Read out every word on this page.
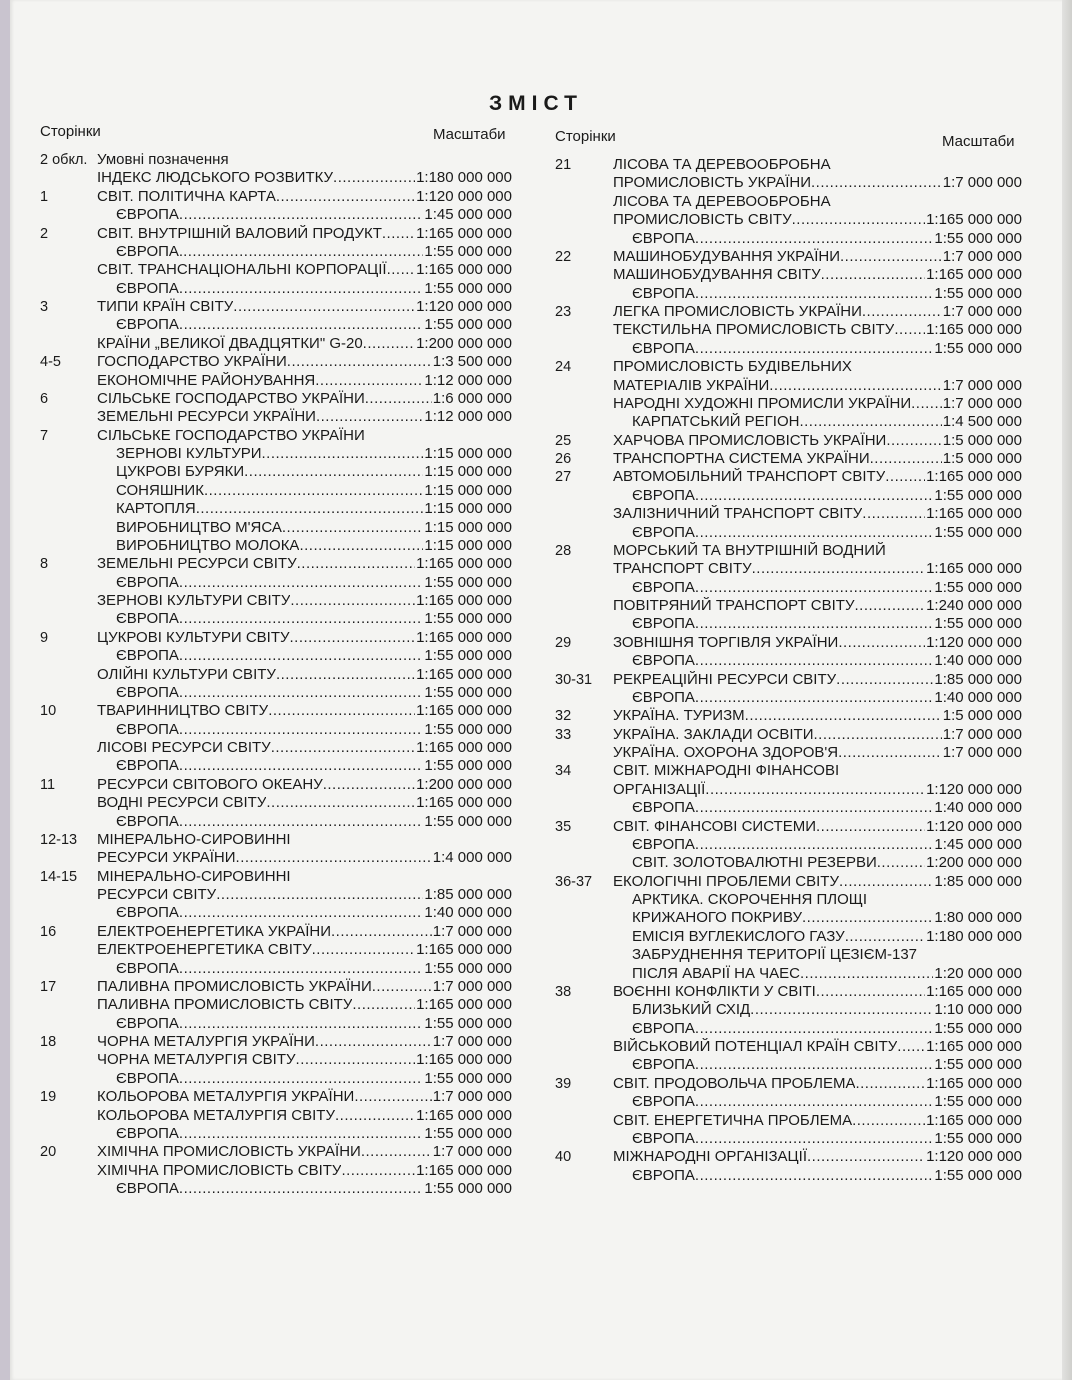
ЗМІСТ
Сторінки	Масштаби	Сторінки	Масштаби
2 обкл. Умовні позначення
ІНДЕКС ЛЮДСЬКОГО РОЗВИТКУ .....	1:180 000 000
1	СВІТ. ПОЛІТИЧНА КАРТА .....	1:120 000 000
ЄВРОПА .....	1:45 000 000
2	СВІТ. ВНУТРІШНІЙ ВАЛОВИЙ ПРОДУКТ ..... 1:165 000 000
ЄВРОПА. .....	1:55 000 000
СВІТ. ТРАНСНАЦІОНАЛЬНІ КОРПОРАЦІЇ ..... 1:165 000 000
ЄВРОПА .....	1:55 000 000
3	ТИПИ КРАЇН СВІТУ .....	1:120 000 000
ЄВРОПА .....	1:55 000 000
КРАЇНИ „ВЕЛИКОЇ ДВАДЦЯТКИ" G-20 .....	1:200 000 000
4-5 ГОСПОДАРСТВО УКРАЇНИ .....	1:3 500 000
ЕКОНОМІЧНЕ РАЙОНУВАННЯ .....	1:12 000 000
6	СІЛЬСЬКЕ ГОСПОДАРСТВО УКРАЇНИ .....	1:6 000 000
ЗЕМЕЛЬНІ РЕСУРСИ УКРАЇНИ .....	1:12 000 000
7	СІЛЬСЬКЕ ГОСПОДАРСТВО УКРАЇНИ
ЗЕРНОВІ КУЛЬТУРИ .....	1:15 000 000
ЦУКРОВІ БУРЯКИ .....	1:15 000 000
СОНЯШНИК .....	1:15 000 000
КАРТОПЛЯ .....	1:15 000 000
ВИРОБНИЦТВО М'ЯСА .....	1:15 000 000
ВИРОБНИЦТВО МОЛОКА .....	1:15 000 000
8	ЗЕМЕЛЬНІ РЕСУРСИ СВІТУ .....	1:165 000 000
ЄВРОПА .....	1:55 000 000
ЗЕРНОВІ КУЛЬТУРИ СВІТУ .....	1:165 000 000
ЄВРОПА .....	1:55 000 000
9	ЦУКРОВІ КУЛЬТУРИ СВІТУ .....	1:165 000 000
ЄВРОПА .....	1:55 000 000
ОЛІЙНІ КУЛЬТУРИ СВІТУ .....	1:165 000 000
ЄВРОПА .....	1:55 000 000
10	ТВАРИННИЦТВО СВІТУ .....	1:165 000 000
ЄВРОПА .....	1:55 000 000
ЛІСОВІ РЕСУРСИ СВІТУ .....	1:165 000 000
ЄВРОПА .....	1:55 000 000
11	РЕСУРСИ СВІТОВОГО ОКЕАНУ .....	1:200 000 000
ВОДНІ РЕСУРСИ СВІТУ .....	1:165 000 000
ЄВРОПА .....	1:55 000 000
12-13 МІНЕРАЛЬНО-СИРОВИННІ
РЕСУРСИ УКРАЇНИ .....	1:4 000 000
14-15 МІНЕРАЛЬНО-СИРОВИННІ
РЕСУРСИ СВІТУ .....	1:85 000 000
ЄВРОПА .....	1:40 000 000
16	ЕЛЕКТРОЕНЕРГЕТИКА УКРАЇНИ .....	1:7 000 000
ЕЛЕКТРОЕНЕРГЕТИКА СВІТУ .....	1:165 000 000
ЄВРОПА .....	1:55 000 000
17	ПАЛИВНА ПРОМИСЛОВІСТЬ УКРАЇНИ .....	1:7 000 000
ПАЛИВНА ПРОМИСЛОВІСТЬ СВІТУ .....	1:165 000 000
ЄВРОПА .....	1:55 000 000
18	ЧОРНА МЕТАЛУРГІЯ УКРАЇНИ .....	1:7 000 000
ЧОРНА МЕТАЛУРГІЯ СВІТУ .....	1:165 000 000
ЄВРОПА .....	1:55 000 000
19	КОЛЬОРОВА МЕТАЛУРГІЯ УКРАЇНИ .....	1:7 000 000
КОЛЬОРОВА МЕТАЛУРГІЯ СВІТУ .....	1:165 000 000
ЄВРОПА .....	1:55 000 000
20	ХІМІЧНА ПРОМИСЛОВІСТЬ УКРАЇНИ .....	1:7 000 000
ХІМІЧНА ПРОМИСЛОВІСТЬ СВІТУ .....	1:165 000 000
ЄВРОПА .....	1:55 000 000
21	ЛІСОВА ТА ДЕРЕВООБРОБНА
ПРОМИСЛОВІСТЬ УКРАЇНИ .....	1:7 000 000
ЛІСОВА ТА ДЕРЕВООБРОБНА
ПРОМИСЛОВІСТЬ СВІТУ .....	1:165 000 000
ЄВРОПА .....	1:55 000 000
22	МАШИНОБУДУВАННЯ УКРАЇНИ .....	1:7 000 000
МАШИНОБУДУВАННЯ СВІТУ .....	1:165 000 000
ЄВРОПА .....	1:55 000 000
23	ЛЕГКА ПРОМИСЛОВІСТЬ УКРАЇНИ .....	1:7 000 000
ТЕКСТИЛЬНА ПРОМИСЛОВІСТЬ СВІТУ ..... 1:165 000 000
ЄВРОПА .....	1:55 000 000
24	ПРОМИСЛОВІСТЬ БУДІВЕЛЬНИХ
МАТЕРІАЛІВ УКРАЇНИ .....	1:7 000 000
НАРОДНІ ХУДОЖНІ ПРОМИСЛИ УКРАЇНИ ..... 1:7 000 000
КАРПАТСЬКИЙ РЕГІОН .....	1:4 500 000
25	ХАРЧОВА ПРОМИСЛОВІСТЬ УКРАЇНИ .....	1:5 000 000
26	ТРАНСПОРТНА СИСТЕМА УКРАЇНИ .....	1:5 000 000
27	АВТОМОБІЛЬНИЙ ТРАНСПОРТ СВІТУ .....	1:165 000 000
ЄВРОПА .....	1:55 000 000
ЗАЛІЗНИЧНИЙ ТРАНСПОРТ СВІТУ .....	1:165 000 000
ЄВРОПА .....	1:55 000 000
28	МОРСЬКИЙ ТА ВНУТРІШНІЙ ВОДНИЙ
ТРАНСПОРТ СВІТУ .....	1:165 000 000
ЄВРОПА .....	1:55 000 000
ПОВІТРЯНИЙ ТРАНСПОРТ СВІТУ .....	1:240 000 000
ЄВРОПА .....	1:55 000 000
29	ЗОВНІШНЯ ТОРГІВЛЯ УКРАЇНИ .....	1:120 000 000
ЄВРОПА .....	1:40 000 000
30-31 РЕКРЕАЦІЙНІ РЕСУРСИ СВІТУ .....	1:85 000 000
ЄВРОПА .....	1:40 000 000
32	УКРАЇНА. ТУРИЗМ .....	1:5 000 000
33	УКРАЇНА. ЗАКЛАДИ ОСВІТИ .....	1:7 000 000
УКРАЇНА. ОХОРОНА ЗДОРОВ'Я .....	1:7 000 000
34	СВІТ. МІЖНАРОДНІ ФІНАНСОВІ
ОРГАНІЗАЦІЇ .....	1:120 000 000
ЄВРОПА .....	1:40 000 000
35	СВІТ. ФІНАНСОВІ СИСТЕМИ .....	1:120 000 000
ЄВРОПА .....	1:45 000 000
СВІТ. ЗОЛОТОВАЛЮТНІ РЕЗЕРВИ .....	1:200 000 000
36-37 ЕКОЛОГІЧНІ ПРОБЛЕМИ СВІТУ .....	1:85 000 000
АРКТИКА. СКОРОЧЕННЯ ПЛОЩІ
КРИЖАНОГО ПОКРИВУ .....	1:80 000 000
ЕМІСІЯ ВУГЛЕКИСЛОГО ГАЗУ .....	1:180 000 000
ЗАБРУДНЕННЯ ТЕРИТОРІЇ ЦЕЗІЄМ-137
ПІСЛЯ АВАРІЇ НА ЧАЕС .....	1:20 000 000
38	ВОЄННІ КОНФЛІКТИ У СВІТІ .....	1:165 000 000
БЛИЗЬКИЙ СХІД .....	1:10 000 000
ЄВРОПА .....	1:55 000 000
ВІЙСЬКОВИЙ ПОТЕНЦІАЛ КРАЇН СВІТУ ..... 1:165 000 000
ЄВРОПА .....	1:55 000 000
39	СВІТ. ПРОДОВОЛЬЧА ПРОБЛЕМА .....	1:165 000 000
ЄВРОПА .....	1:55 000 000
СВІТ. ЕНЕРГЕТИЧНА ПРОБЛЕМА .....	1:165 000 000
ЄВРОПА .....	1:55 000 000
40	МІЖНАРОДНІ ОРГАНІЗАЦІЇ .....	1:120 000 000
ЄВРОПА .....	1:55 000 000
